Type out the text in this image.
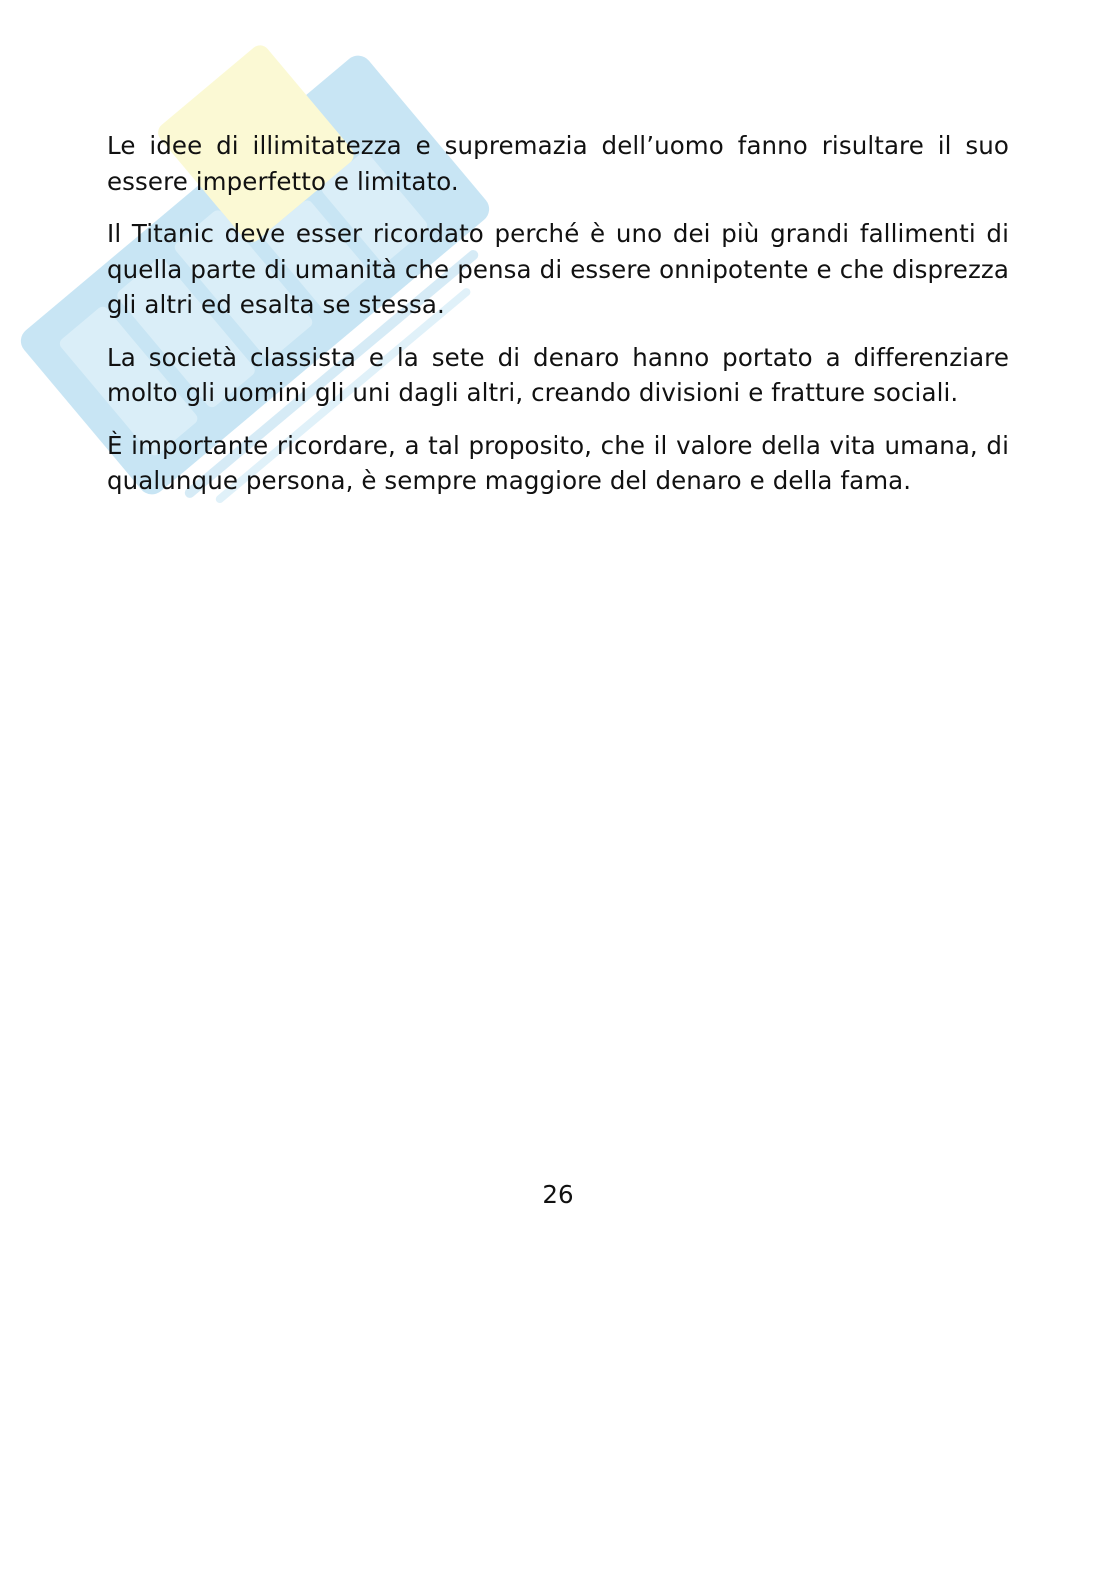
Le idee di illimitatezza e supremazia dell’uomo fanno risultare il suo essere imperfetto e limitato.

Il Titanic deve esser ricordato perché è uno dei più grandi fallimenti di quella parte di umanità che pensa di essere onnipotente e che disprezza gli altri ed esalta se stessa.

La società classista e la sete di denaro hanno portato a differenziare molto gli uomini gli uni dagli altri, creando divisioni e fratture sociali.

È importante ricordare, a tal proposito, che il valore della vita umana, di qualunque persona, è sempre maggiore del denaro e della fama.

26
